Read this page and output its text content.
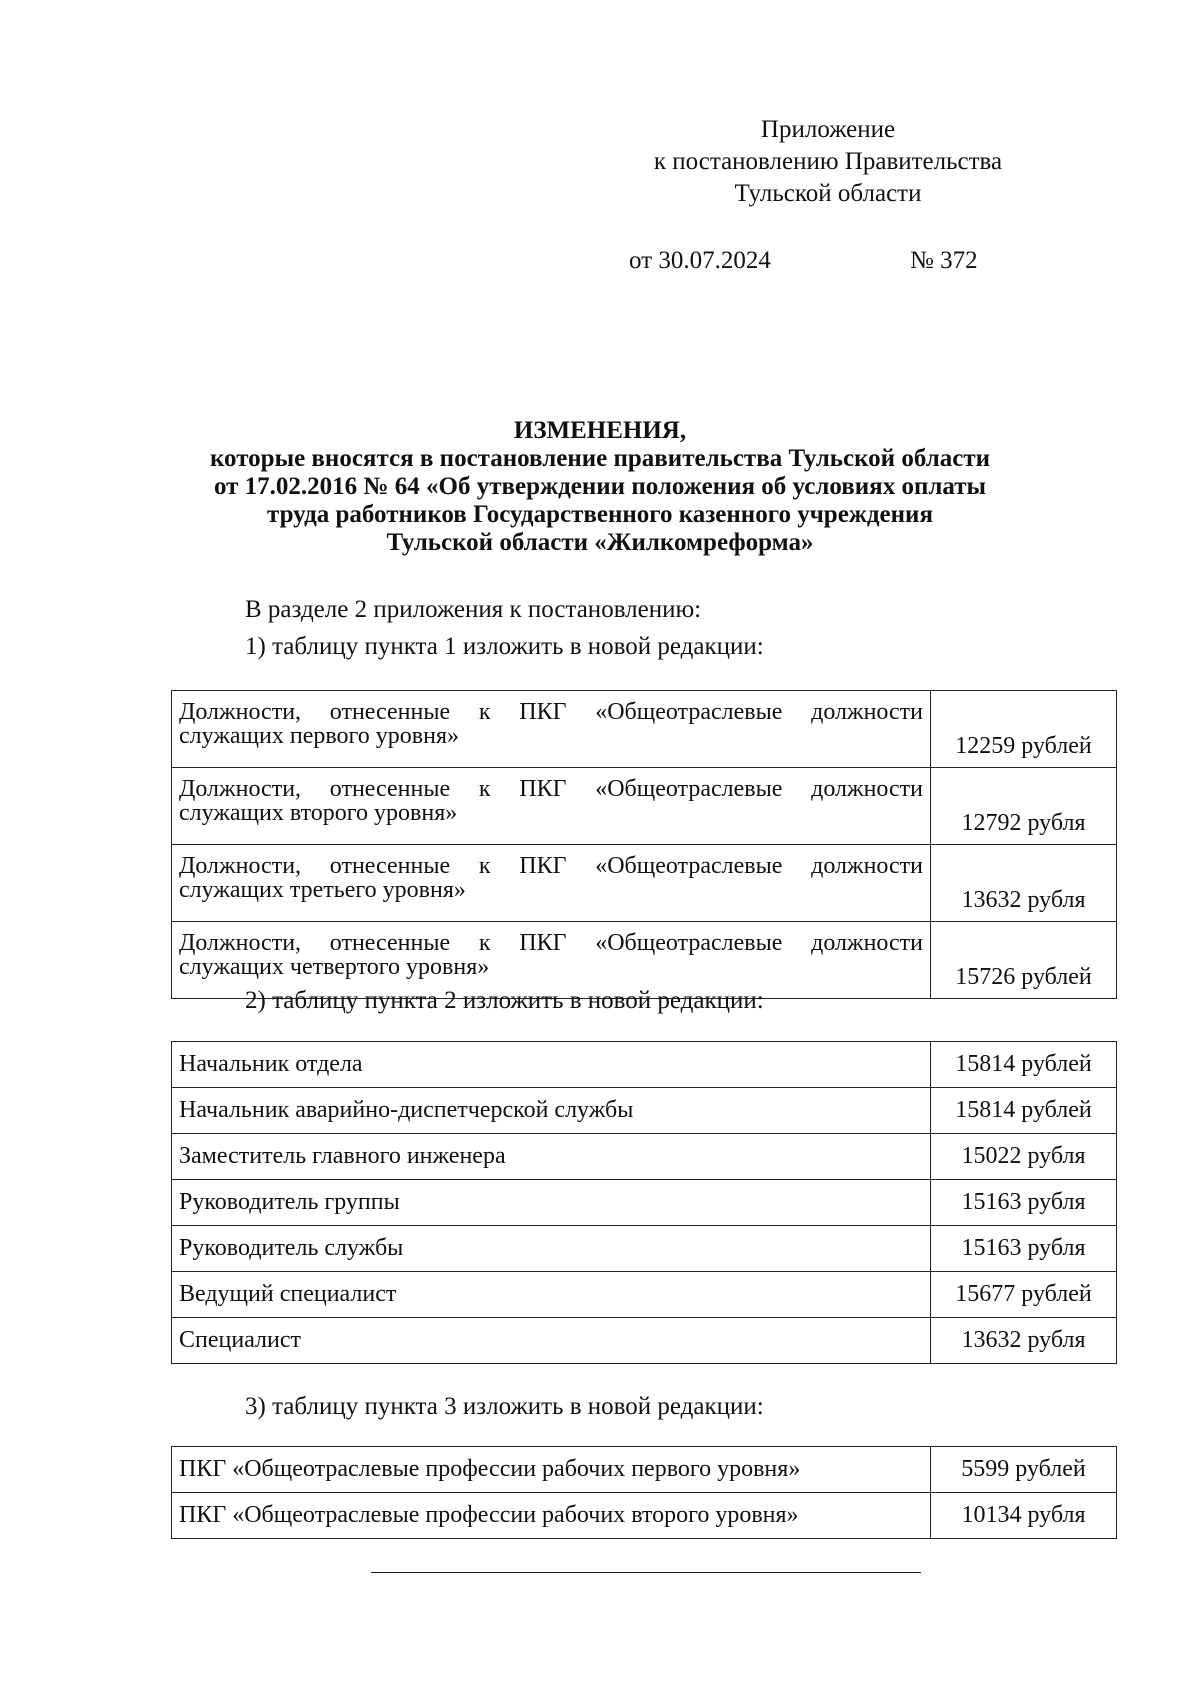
Приложение
к постановлению Правительства
Тульской области
от 30.07.2024	№ 372
ИЗМЕНЕНИЯ,
которые вносятся в постановление правительства Тульской области
от 17.02.2016 № 64 «Об утверждении положения об условиях оплаты
труда работников Государственного казенного учреждения
Тульской области «Жилкомреформа»
В разделе 2 приложения к постановлению:
1) таблицу пункта 1 изложить в новой редакции:
Должности, отнесенные к ПКГ «Общеотраслевые должности
служащих первого уровня»	12259 рублей

Должности, отнесенные к ПКГ «Общеотраслевые должности
служащих второго уровня»	12792 рубля

Должности, отнесенные к ПКГ «Общеотраслевые должности
служащих третьего уровня»	13632 рубля

Должности, отнесенные к ПКГ «Общеотраслевые должности
служащих четвертого уровня»	15726 рублей
2) таблицу пункта 2 изложить в новой редакции:
Начальник отдела	15814 рублей
Начальник аварийно-диспетчерской службы	15814 рублей
Заместитель главного инженера	15022 рубля
Руководитель группы	15163 рубля
Руководитель службы	15163 рубля
Ведущий специалист	15677 рублей
Специалист	13632 рубля
3) таблицу пункта 3 изложить в новой редакции:
ПКГ «Общеотраслевые профессии рабочих первого уровня»	5599 рублей
ПКГ «Общеотраслевые профессии рабочих второго уровня»	10134 рубля
